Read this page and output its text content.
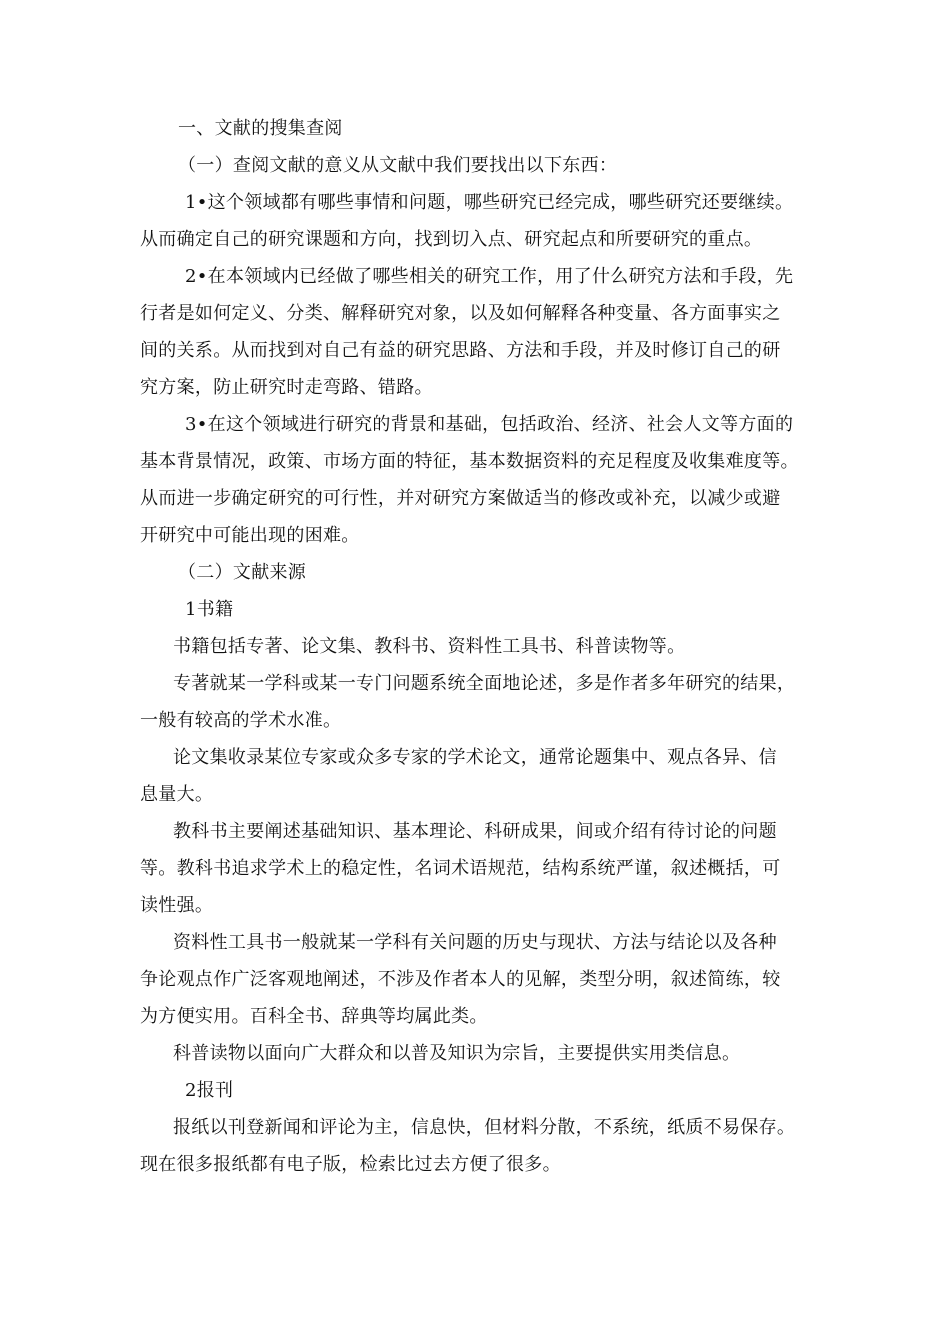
一、文献的搜集查阅
（一）查阅文献的意义从文献中我们要找出以下东西：
1•这个领域都有哪些事情和问题，哪些研究已经完成，哪些研究还要继续。
从而确定自己的研究课题和方向，找到切入点、研究起点和所要研究的重点。
2•在本领域内已经做了哪些相关的研究工作，用了什么研究方法和手段，先
行者是如何定义、分类、解释研究对象，以及如何解释各种变量、各方面事实之
间的关系。从而找到对自己有益的研究思路、方法和手段，并及时修订自己的研
究方案，防止研究时走弯路、错路。
3•在这个领域进行研究的背景和基础，包括政治、经济、社会人文等方面的
基本背景情况，政策、市场方面的特征，基本数据资料的充足程度及收集难度等。
从而进一步确定研究的可行性，并对研究方案做适当的修改或补充，以减少或避
开研究中可能出现的困难。
（二）文献来源
1书籍
书籍包括专著、论文集、教科书、资料性工具书、科普读物等。
专著就某一学科或某一专门问题系统全面地论述，多是作者多年研究的结果，
一般有较高的学术水准。
论文集收录某位专家或众多专家的学术论文，通常论题集中、观点各异、信
息量大。
教科书主要阐述基础知识、基本理论、科研成果，间或介绍有待讨论的问题
等。教科书追求学术上的稳定性，名词术语规范，结构系统严谨，叙述概括，可
读性强。
资料性工具书一般就某一学科有关问题的历史与现状、方法与结论以及各种
争论观点作广泛客观地阐述，不涉及作者本人的见解，类型分明，叙述简练，较
为方便实用。百科全书、辞典等均属此类。
科普读物以面向广大群众和以普及知识为宗旨，主要提供实用类信息。
2报刊
报纸以刊登新闻和评论为主，信息快，但材料分散，不系统，纸质不易保存。
现在很多报纸都有电子版，检索比过去方便了很多。
